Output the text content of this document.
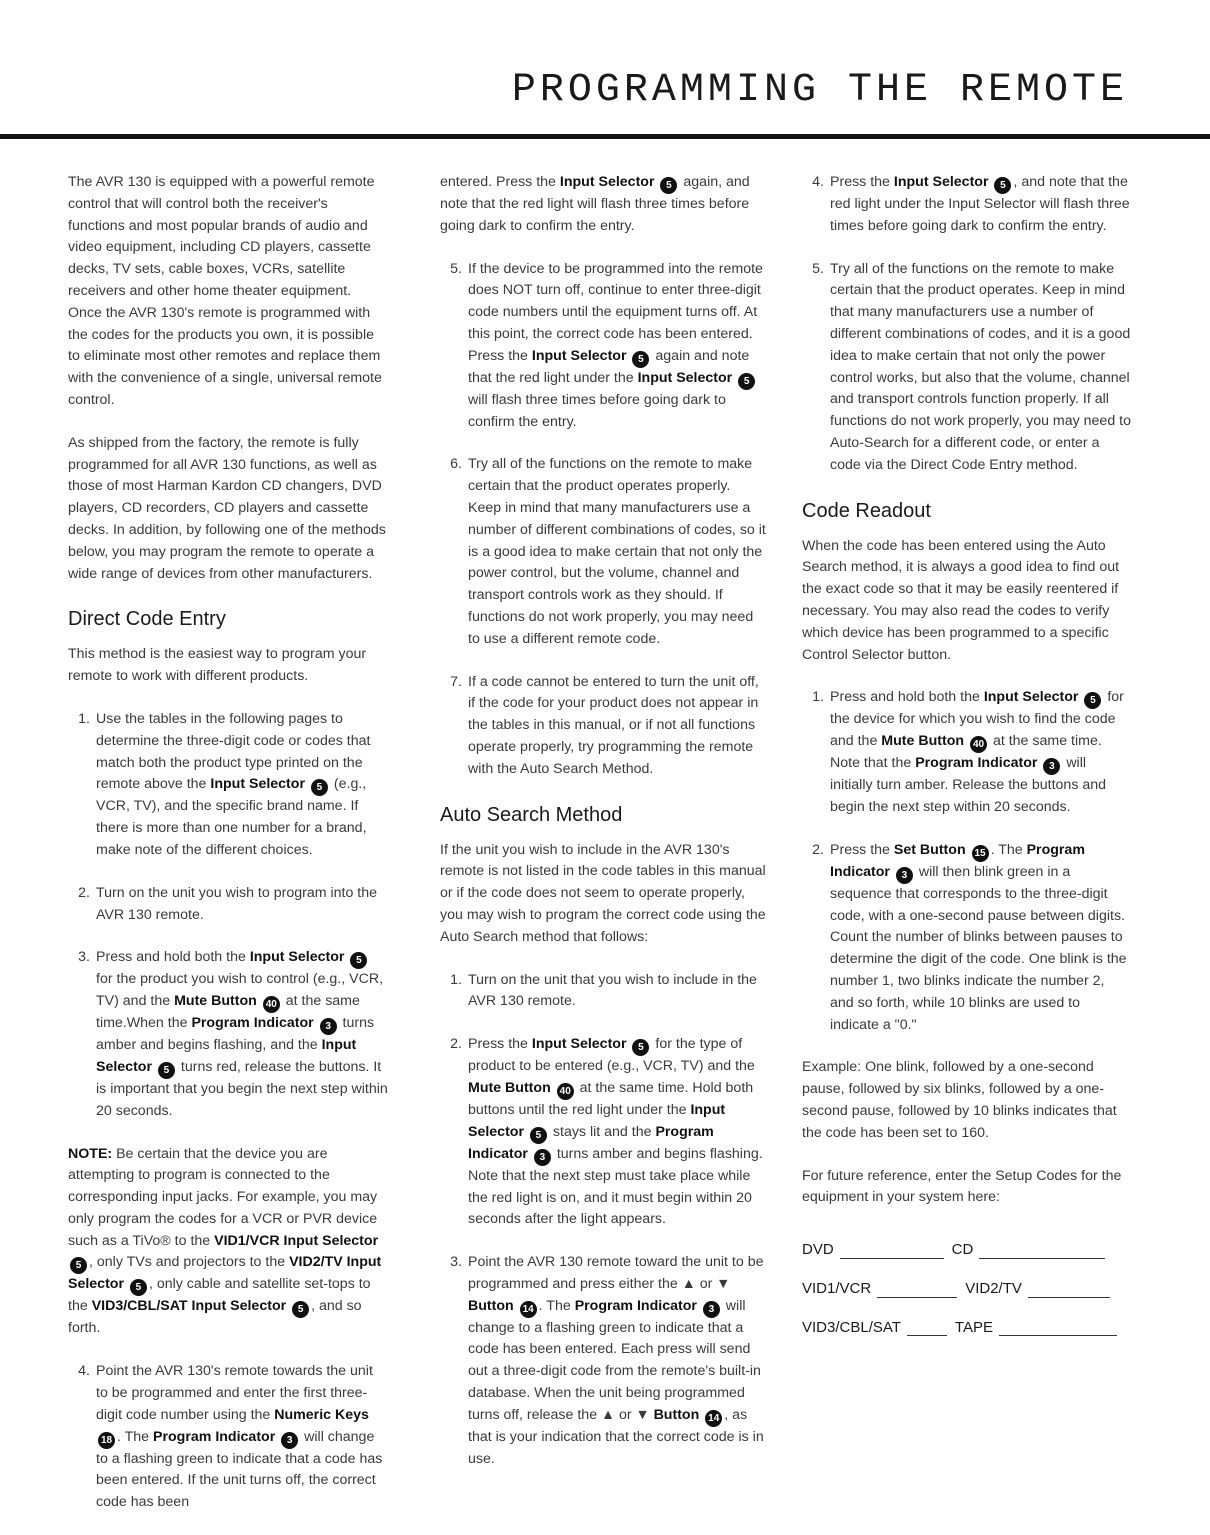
PROGRAMMING THE REMOTE

The AVR 130 is equipped with a powerful remote control that will control both the receiver's functions and most popular brands of audio and video equipment, including CD players, cassette decks, TV sets, cable boxes, VCRs, satellite receivers and other home theater equipment. Once the AVR 130's remote is programmed with the codes for the products you own, it is possible to eliminate most other remotes and replace them with the convenience of a single, universal remote control.

As shipped from the factory, the remote is fully programmed for all AVR 130 functions, as well as those of most Harman Kardon CD changers, DVD players, CD recorders, CD players and cassette decks. In addition, by following one of the methods below, you may program the remote to operate a wide range of devices from other manufacturers.

Direct Code Entry

This method is the easiest way to program your remote to work with different products.

1. Use the tables in the following pages to determine the three-digit code or codes that match both the product type printed on the remote above the Input Selector 5 (e.g., VCR, TV), and the specific brand name. If there is more than one number for a brand, make note of the different choices.
2. Turn on the unit you wish to program into the AVR 130 remote.
3. Press and hold both the Input Selector 5 for the product you wish to control (e.g., VCR, TV) and the Mute Button 40 at the same time.When the Program Indicator 3 turns amber and begins flashing, and the Input Selector 5 turns red, release the buttons. It is important that you begin the next step within 20 seconds.

NOTE: Be certain that the device you are attempting to program is connected to the corresponding input jacks. For example, you may only program the codes for a VCR or PVR device such as a TiVo® to the VID1/VCR Input Selector 5 , only TVs and projectors to the VID2/TV Input Selector 5 , only cable and satellite set-tops to the VID3/CBL/SAT Input Selector 5 , and so forth.

4. Point the AVR 130's remote towards the unit to be programmed and enter the first three-digit code number using the Numeric Keys 18 . The Program Indicator 3 will change to a flashing green to indicate that a code has been entered. If the unit turns off, the correct code has been

entered. Press the Input Selector 5 again, and note that the red light will flash three times before going dark to confirm the entry.

5. If the device to be programmed into the remote does NOT turn off, continue to enter three-digit code numbers until the equipment turns off. At this point, the correct code has been entered. Press the Input Selector 5 again and note that the red light under the Input Selector 5 will flash three times before going dark to confirm the entry.
6. Try all of the functions on the remote to make certain that the product operates properly. Keep in mind that many manufacturers use a number of different combinations of codes, so it is a good idea to make certain that not only the power control, but the volume, channel and transport controls work as they should. If functions do not work properly, you may need to use a different remote code.
7. If a code cannot be entered to turn the unit off, if the code for your product does not appear in the tables in this manual, or if not all functions operate properly, try programming the remote with the Auto Search Method.
Auto Search Method

If the unit you wish to include in the AVR 130's remote is not listed in the code tables in this manual or if the code does not seem to operate properly, you may wish to program the correct code using the Auto Search method that follows:

1. Turn on the unit that you wish to include in the AVR 130 remote.
2. Press the Input Selector 5 for the type of product to be entered (e.g., VCR, TV) and the Mute Button 40 at the same time. Hold both buttons until the red light under the Input Selector 5 stays lit and the Program Indicator 3 turns amber and begins flashing. Note that the next step must take place while the red light is on, and it must begin within 20 seconds after the light appears.
3. Point the AVR 130 remote toward the unit to be programmed and press either the ▲ or ▼ Button 14 . The Program Indicator 3 will change to a flashing green to indicate that a code has been entered. Each press will send out a three-digit code from the remote's built-in database. When the unit being programmed turns off, release the ▲ or ▼ Button 14 , as that is your indication that the correct code is in use.
4. Press the Input Selector 5 , and note that the red light under the Input Selector will flash three times before going dark to confirm the entry.
5. Try all of the functions on the remote to make certain that the product operates. Keep in mind that many manufacturers use a number of different combinations of codes, and it is a good idea to make certain that not only the power control works, but also that the volume, channel and transport controls function properly. If all functions do not work properly, you may need to Auto-Search for a different code, or enter a code via the Direct Code Entry method.
Code Readout

When the code has been entered using the Auto Search method, it is always a good idea to find out the exact code so that it may be easily reentered if necessary. You may also read the codes to verify which device has been programmed to a specific Control Selector button.

1. Press and hold both the Input Selector 5 for the device for which you wish to find the code and the Mute Button 40 at the same time. Note that the Program Indicator 3 will initially turn amber. Release the buttons and begin the next step within 20 seconds.
2. Press the Set Button 15 . The Program Indicator 3 will then blink green in a sequence that corresponds to the three-digit code, with a one-second pause between digits. Count the number of blinks between pauses to determine the digit of the code. One blink is the number 1, two blinks indicate the number 2, and so forth, while 10 blinks are used to indicate a "0."

Example: One blink, followed by a one-second pause, followed by six blinks, followed by a one-second pause, followed by 10 blinks indicates that the code has been set to 160.

For future reference, enter the Setup Codes for the equipment in your system here:

DVD	CD
VID1/VCR	VID2/TV
VID3/CBL/SAT	TAPE
